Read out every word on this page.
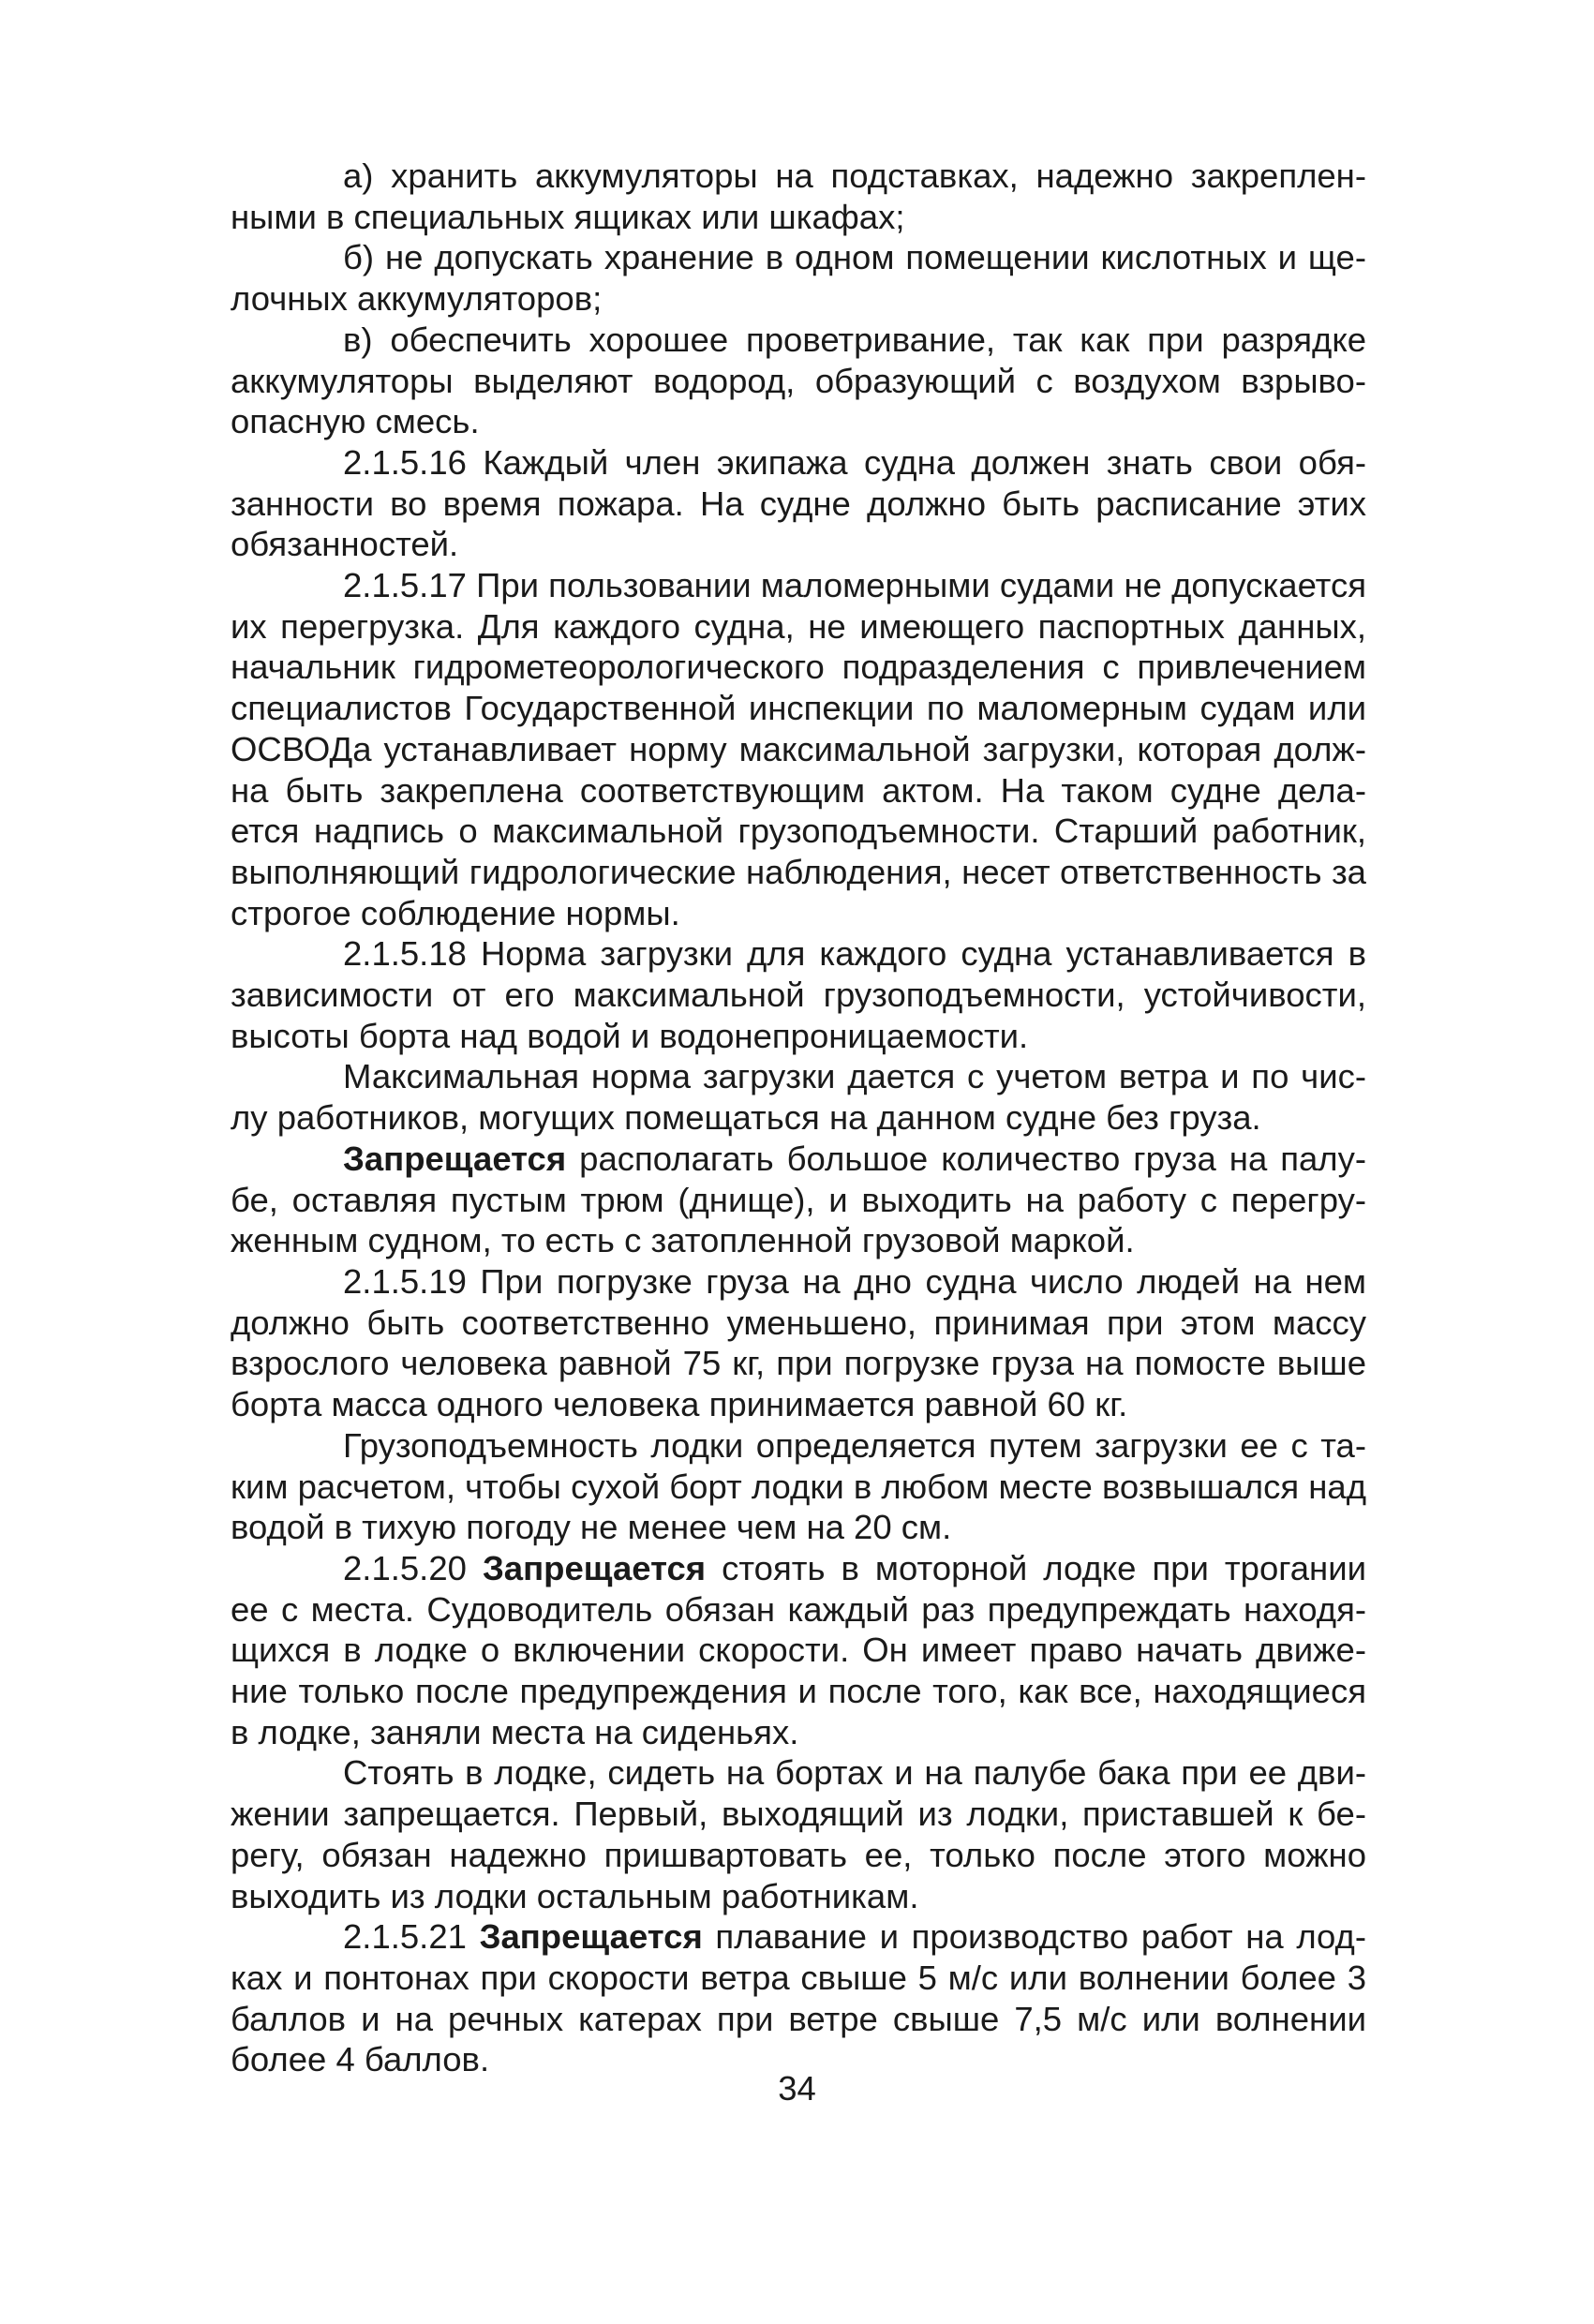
а) хранить аккумуляторы на подставках, надежно закреплен-ными в специальных ящиках или шкафах;

б) не допускать хранение в одном помещении кислотных и ще-лочных аккумуляторов;

в) обеспечить хорошее проветривание, так как при разрядке аккумуляторы выделяют водород, образующий с воздухом взрыво-опасную смесь.

2.1.5.16 Каждый член экипажа судна должен знать свои обя-занности во время пожара. На судне должно быть расписание этих обязанностей.

2.1.5.17 При пользовании маломерными судами не допускается их перегрузка. Для каждого судна, не имеющего паспортных данных, начальник гидрометеорологического подразделения с привлечением специалистов Государственной инспекции по маломерным судам или ОСВОДа устанавливает норму максимальной загрузки, которая долж-на быть закреплена соответствующим актом. На таком судне дела-ется надпись о максимальной грузоподъемности. Старший работник, выполняющий гидрологические наблюдения, несет ответственность за строгое соблюдение нормы.

2.1.5.18 Норма загрузки для каждого судна устанавливается в зависимости от его максимальной грузоподъемности, устойчивости, высоты борта над водой и водонепроницаемости.

Максимальная норма загрузки дается с учетом ветра и по чис-лу работников, могущих помещаться на данном судне без груза.

Запрещается располагать большое количество груза на палу-бе, оставляя пустым трюм (днище), и выходить на работу с перегру-женным судном, то есть с затопленной грузовой маркой.

2.1.5.19 При погрузке груза на дно судна число людей на нем должно быть соответственно уменьшено, принимая при этом массу взрослого человека равной 75 кг, при погрузке груза на помосте выше борта масса одного человека принимается равной 60 кг.

Грузоподъемность лодки определяется путем загрузки ее с та-ким расчетом, чтобы сухой борт лодки в любом месте возвышался над водой в тихую погоду не менее чем на 20 см.

2.1.5.20 Запрещается стоять в моторной лодке при трогании ее с места. Судоводитель обязан каждый раз предупреждать находя-щихся в лодке о включении скорости. Он имеет право начать движе-ние только после предупреждения и после того, как все, находящиеся в лодке, заняли места на сиденьях.

Стоять в лодке, сидеть на бортах и на палубе бака при ее дви-жении запрещается. Первый, выходящий из лодки, приставшей к бе-регу, обязан надежно пришвартовать ее, только после этого можно выходить из лодки остальным работникам.

2.1.5.21 Запрещается плавание и производство работ на лод-ках и понтонах при скорости ветра свыше 5 м/с или волнении более 3 баллов и на речных катерах при ветре свыше 7,5 м/с или волнении более 4 баллов.

34
